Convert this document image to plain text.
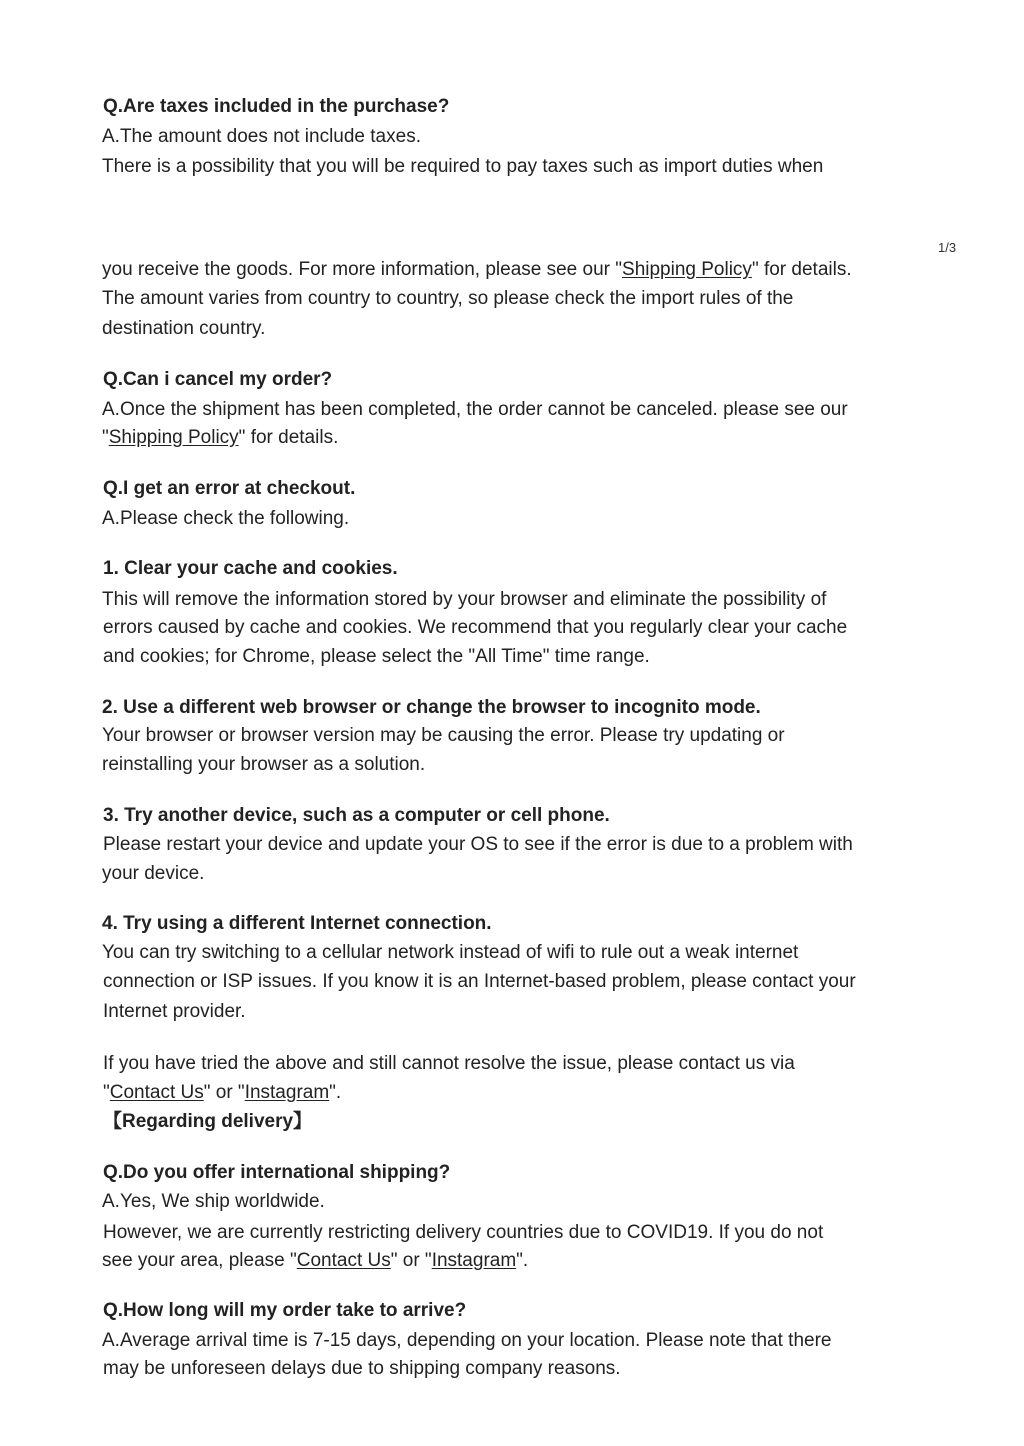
1/3
Q.Are taxes included in the purchase?
A.The amount does not include taxes.
There is a possibility that you will be required to pay taxes such as import duties when
you receive the goods. For more information, please see our "Shipping Policy" for details.
The amount varies from country to country, so please check the import rules of the
destination country.
Q.Can i cancel my order?
A.Once the shipment has been completed, the order cannot be canceled. please see our
"Shipping Policy" for details.
Q.I get an error at checkout.
A.Please check the following.
1. Clear your cache and cookies.
This will remove the information stored by your browser and eliminate the possibility of
errors caused by cache and cookies. We recommend that you regularly clear your cache
and cookies; for Chrome, please select the "All Time" time range.
2. Use a different web browser or change the browser to incognito mode.
Your browser or browser version may be causing the error. Please try updating or
reinstalling your browser as a solution.
3. Try another device, such as a computer or cell phone.
Please restart your device and update your OS to see if the error is due to a problem with
your device.
4. Try using a different Internet connection.
You can try switching to a cellular network instead of wifi to rule out a weak internet
connection or ISP issues. If you know it is an Internet-based problem, please contact your
Internet provider.
If you have tried the above and still cannot resolve the issue, please contact us via
"Contact Us" or "Instagram".
【Regarding delivery】
Q.Do you offer international shipping?
A.Yes, We ship worldwide.
However, we are currently restricting delivery countries due to COVID19. If you do not
see your area, please "Contact Us" or "Instagram".
Q.How long will my order take to arrive?
A.Average arrival time is 7-15 days, depending on your location. Please note that there
may be unforeseen delays due to shipping company reasons.
